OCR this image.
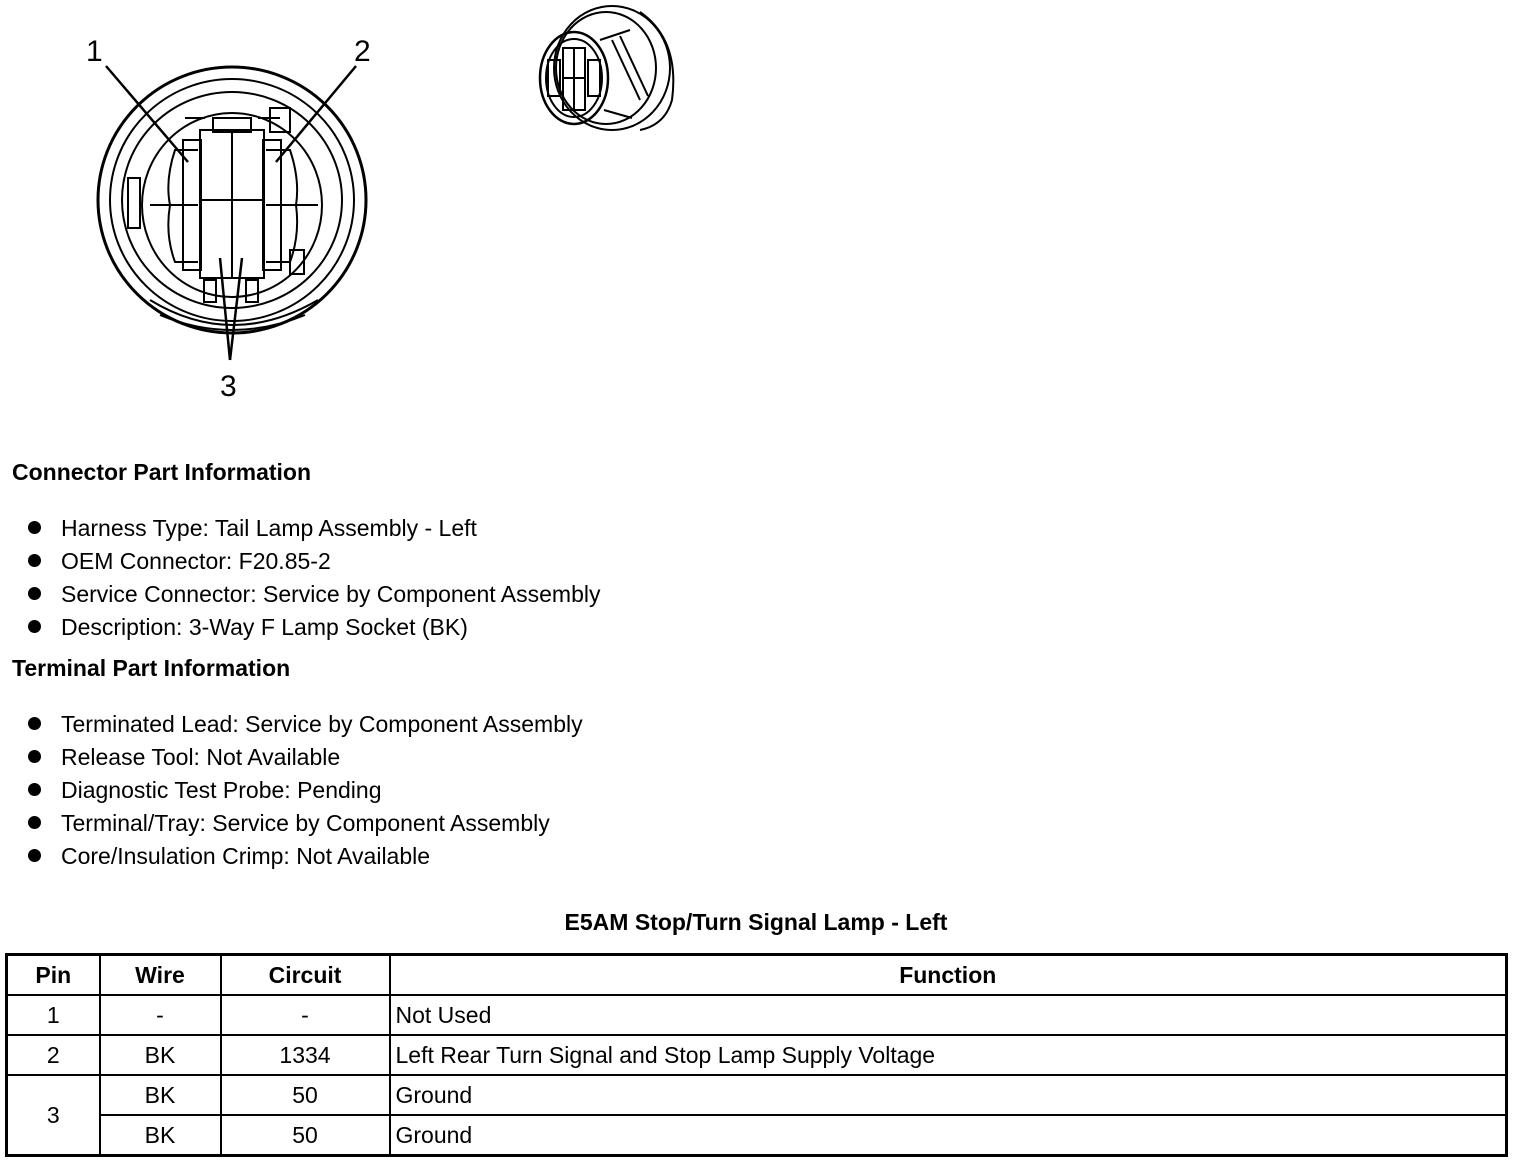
1	2
3
Connector Part Information
Harness Type: Tail Lamp Assembly - Left
OEM Connector: F20.85-2
Service Connector: Service by Component Assembly
Description: 3-Way F Lamp Socket (BK)
Terminal Part Information
Terminated Lead: Service by Component Assembly
Release Tool: Not Available
Diagnostic Test Probe: Pending
Terminal/Tray: Service by Component Assembly
Core/Insulation Crimp: Not Available
E5AM Stop/Turn Signal Lamp - Left
Pin	Wire	Circuit	Function
1	-	-	Not Used
2	BK	1334	Left Rear Turn Signal and Stop Lamp Supply Voltage
3	BK	50	Ground
	BK	50	Ground
